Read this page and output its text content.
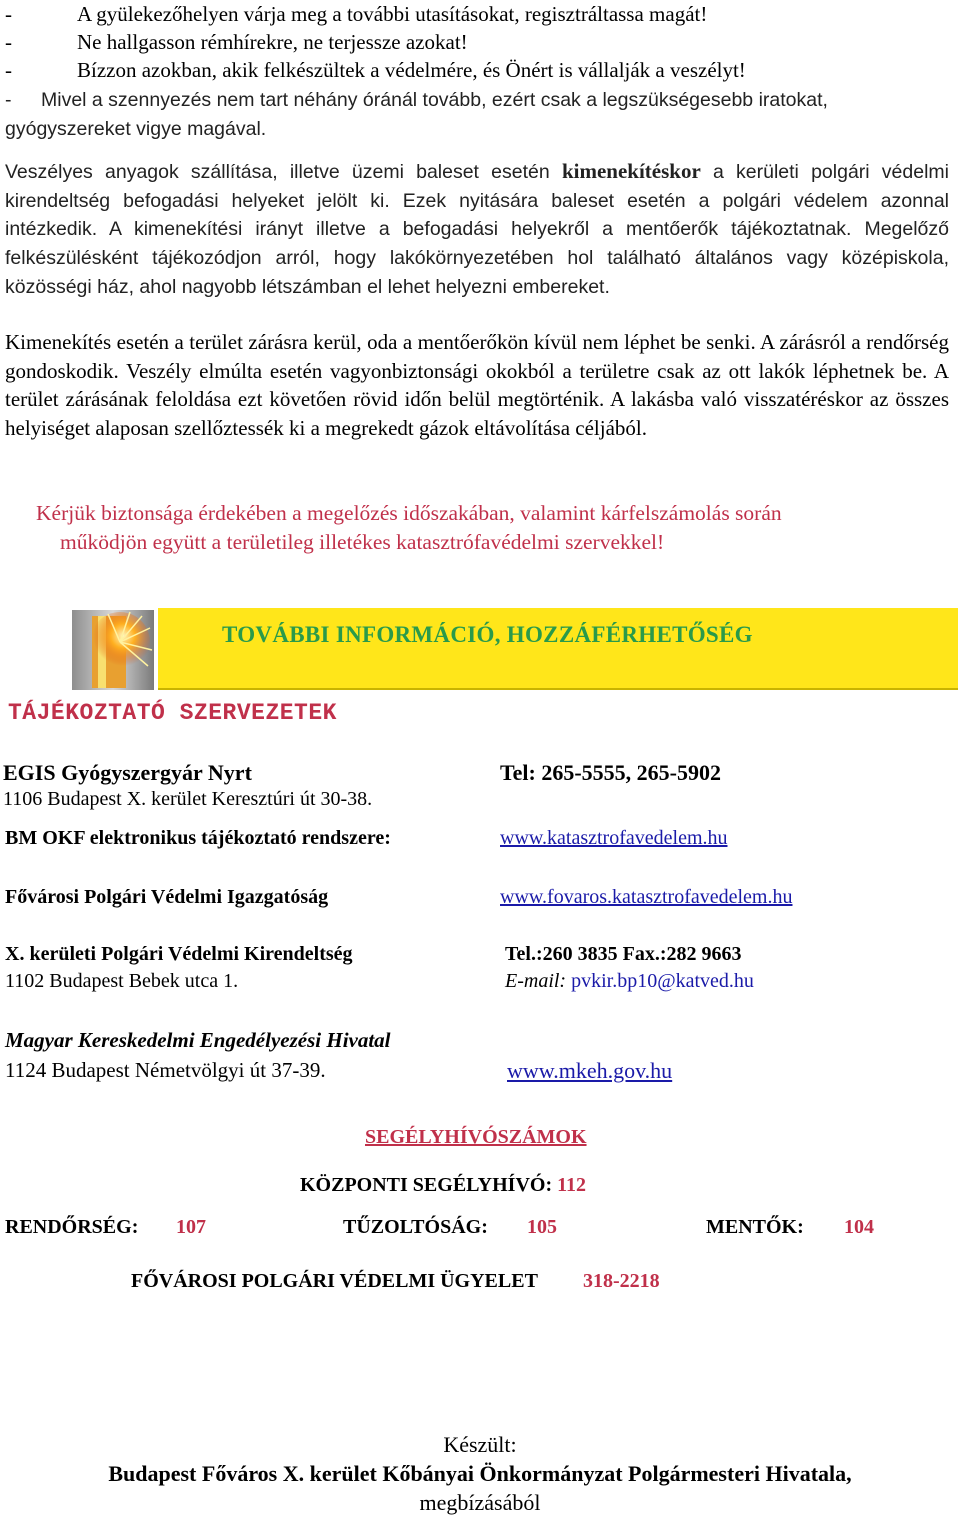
-	A gyülekezőhelyen várja meg a további utasításokat, regisztráltassa magát!
-	Ne hallgasson rémhírekre, ne terjessze azokat!
-	Bízzon azokban, akik felkészültek a védelmére, és Önért is vállalják a veszélyt!
- Mivel a szennyezés nem tart néhány óránál tovább, ezért csak a legszükségesebb iratokat, gyógyszereket vigye magával.
Veszélyes anyagok szállítása, illetve üzemi baleset esetén kimenekítéskor a kerületi polgári védelmi kirendeltség befogadási helyeket jelölt ki. Ezek nyitására baleset esetén a polgári védelem azonnal intézkedik. A kimenekítési irányt illetve a befogadási helyekről a mentőerők tájékoztatnak. Megelőző felkészülésként tájékozódjon arról, hogy lakókörnyezetében hol található általános vagy középiskola, közösségi ház, ahol nagyobb létszámban el lehet helyezni embereket.
Kimenekítés esetén a terület zárásra kerül, oda a mentőerőkön kívül nem léphet be senki. A zárásról a rendőrség gondoskodik. Veszély elmúlta esetén vagyonbiztonsági okokból a területre csak az ott lakók léphetnek be. A terület zárásának feloldása ezt követően rövid időn belül megtörténik. A lakásba való visszatéréskor az összes helyiséget alaposan szellőztessék ki a megrekedt gázok eltávolítása céljából.
Kérjük biztonsága érdekében a megelőzés időszakában, valamint kárfelszámolás során
működjön együtt a területileg illetékes katasztrófavédelmi szervekkel!
TOVÁBBI INFORMÁCIÓ, HOZZÁFÉRHETŐSÉG
TÁJÉKOZTATÓ SZERVEZETEK
EGIS Gyógyszergyár Nyrt	Tel: 265-5555, 265-5902
1106 Budapest X. kerület Keresztúri út 30-38.
BM OKF elektronikus tájékoztató rendszere:	www.katasztrofavedelem.hu
Fővárosi Polgári Védelmi Igazgatóság	www.fovaros.katasztrofavedelem.hu
X. kerületi Polgári Védelmi Kirendeltség	Tel.:260 3835 Fax.:282 9663
1102 Budapest Bebek utca 1.	E-mail: pvkir.bp10@katved.hu
Magyar Kereskedelmi Engedélyezési Hivatal
1124 Budapest Németvölgyi út 37-39.	www.mkeh.gov.hu
SEGÉLYHÍVÓSZÁMOK
KÖZPONTI SEGÉLYHÍVÓ: 112
RENDŐRSÉG: 107	TŰZOLTÓSÁG: 105	MENTŐK: 104
FŐVÁROSI POLGÁRI VÉDELMI ÜGYELET 318-2218
Készült:
Budapest Főváros X. kerület Kőbányai Önkormányzat Polgármesteri Hivatala,
megbízásából
